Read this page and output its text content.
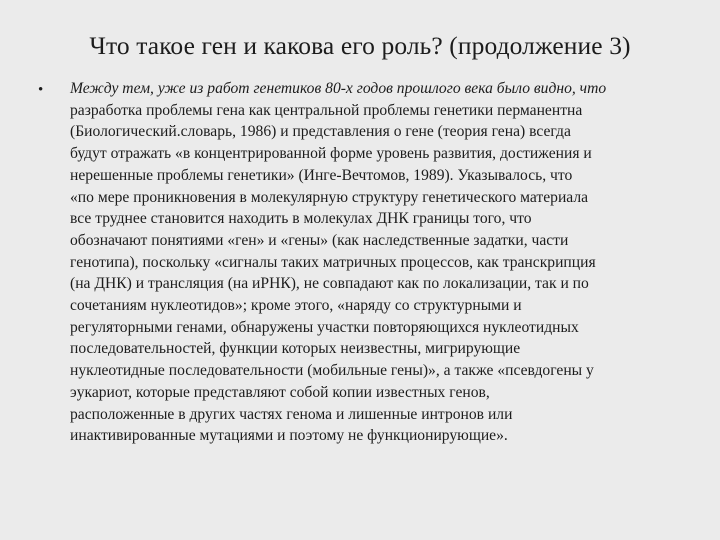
Что такое ген и какова его роль? (продолжение 3)
• Между тем, уже из работ генетиков 80-х годов прошлого века было видно, что
разработка проблемы гена как центральной проблемы генетики перманентна
(Биологический.словарь, 1986) и представления о гене (теория гена) всегда
будут отражать «в концентрированной форме уровень развития, достижения и
нерешенные проблемы генетики» (Инге-Вечтомов, 1989). Указывалось, что
«по мере проникновения в молекулярную структуру генетического материала
все труднее становится находить в молекулах ДНК границы того, что
обозначают понятиями «ген» и «гены» (как наследственные задатки, части
генотипа), поскольку «сигналы таких матричных процессов, как транскрипция
(на ДНК) и трансляция (на иРНК), не совпадают как по локализации, так и по
сочетаниям нуклеотидов»; кроме этого, «наряду со структурными и
регуляторными генами, обнаружены участки повторяющихся нуклеотидных
последовательностей, функции которых неизвестны, мигрирующие
нуклеотидные последовательности (мобильные гены)», а также «псевдогены у
эукариот, которые представляют собой копии известных генов,
расположенные в других частях генома и лишенные интронов или
инактивированные мутациями и поэтому не функционирующие».
